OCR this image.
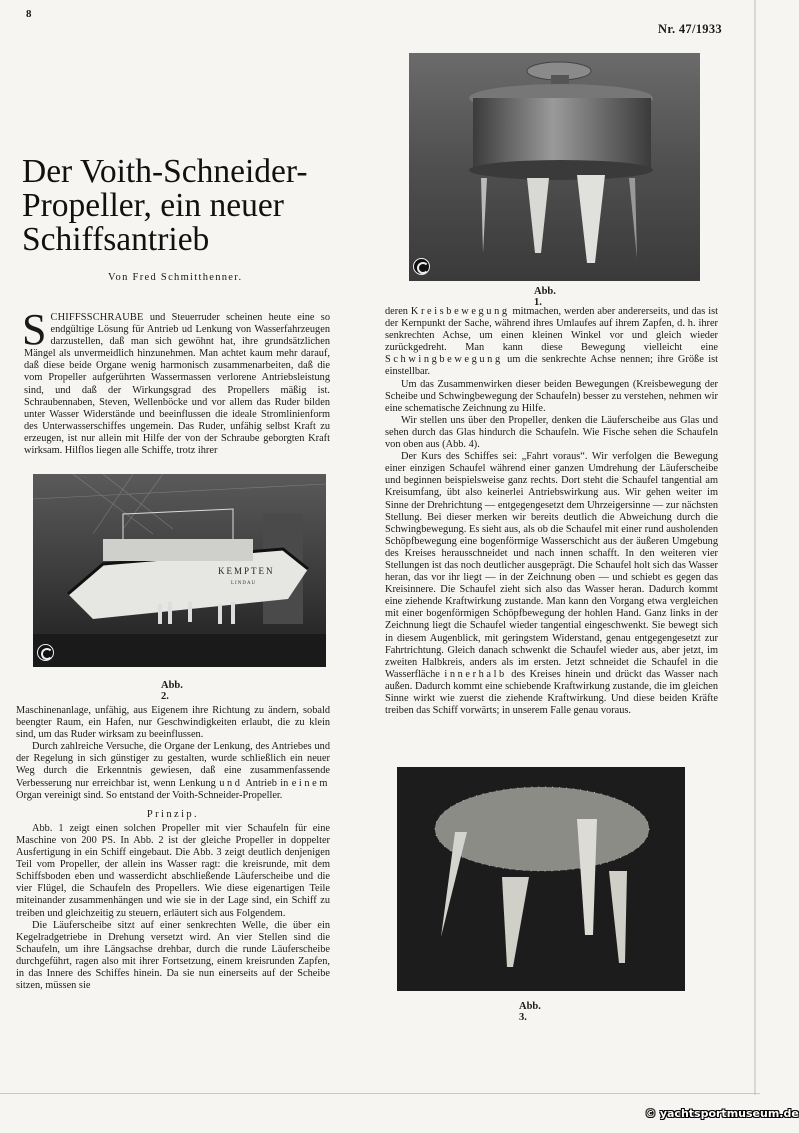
8
Nr. 47/1933
Der Voith-Schneider-Propeller, ein neuer Schiffsantrieb
Von Fred Schmitthenner.

SCHIFFSSCHRAUBE und Steuerruder scheinen heute eine so endgültige Lösung für Antrieb ud Lenkung von Wasserfahrzeugen darzustellen, daß man sich gewöhnt hat, ihre grundsätzlichen Mängel als unvermeidlich hinzunehmen. Man achtet kaum mehr darauf, daß diese beide Organe wenig harmonisch zusammenarbeiten, daß die vom Propeller aufgerührten Wassermassen verlorene Antriebsleistung sind, und daß der Wirkungsgrad des Propellers mäßig ist. Schraubennaben, Steven, Wellenböcke und vor allem das Ruder bilden unter Wasser Widerstände und beeinflussen die ideale Stromlinienform des Unterwasserschiffes ungemein. Das Ruder, unfähig selbst Kraft zu erzeugen, ist nur allein mit Hilfe der von der Schraube geborgten Kraft wirksam. Hilflos liegen alle Schiffe, trotz ihrer

KEMPTEN
LINDAU
Abb. 2.

Maschinenanlage, unfähig, aus Eigenem ihre Richtung zu ändern, sobald beengter Raum, ein Hafen, nur Geschwindigkeiten erlaubt, die zu klein sind, um das Ruder wirksam zu beeinflussen.

Durch zahlreiche Versuche, die Organe der Lenkung, des Antriebes und der Regelung in sich günstiger zu gestalten, wurde schließlich ein neuer Weg durch die Erkenntnis gewiesen, daß eine zusammenfassende Verbesserung nur erreichbar ist, wenn Lenkung und Antrieb in einem Organ vereinigt sind. So entstand der Voith-Schneider-Propeller.

Prinzip.

Abb. 1 zeigt einen solchen Propeller mit vier Schaufeln für eine Maschine von 200 PS. In Abb. 2 ist der gleiche Propeller in doppelter Ausfertigung in ein Schiff eingebaut. Die Abb. 3 zeigt deutlich denjenigen Teil vom Propeller, der allein ins Wasser ragt: die kreisrunde, mit dem Schiffsboden eben und wasserdicht abschließende Läuferscheibe und die vier Flügel, die Schaufeln des Propellers. Wie diese eigenartigen Teile miteinander zusammenhängen und wie sie in der Lage sind, ein Schiff zu treiben und gleichzeitig zu steuern, erläutert sich aus Folgendem.

Die Läuferscheibe sitzt auf einer senkrechten Welle, die über ein Kegelradgetriebe in Drehung versetzt wird. An vier Stellen sind die Schaufeln, um ihre Längsachse drehbar, durch die runde Läuferscheibe durchgeführt, ragen also mit ihrer Fortsetzung, einem kreisrunden Zapfen, in das Innere des Schiffes hinein. Da sie nun einerseits auf der Scheibe sitzen, müssen sie

Abb. 1.

deren Kreisbewegung mitmachen, werden aber andererseits, und das ist der Kernpunkt der Sache, während ihres Umlaufes auf ihrem Zapfen, d. h. ihrer senkrechten Achse, um einen kleinen Winkel vor und gleich wieder zurückgedreht. Man kann diese Bewegung vielleicht eine Schwingbewegung um die senkrechte Achse nennen; ihre Größe ist einstellbar.

Um das Zusammenwirken dieser beiden Bewegungen (Kreisbewegung der Scheibe und Schwingbewegung der Schaufeln) besser zu verstehen, nehmen wir eine schematische Zeichnung zu Hilfe.

Wir stellen uns über den Propeller, denken die Läuferscheibe aus Glas und sehen durch das Glas hindurch die Schaufeln. Wie Fische sehen die Schaufeln von oben aus (Abb. 4).

Der Kurs des Schiffes sei: „Fahrt voraus“. Wir verfolgen die Bewegung einer einzigen Schaufel während einer ganzen Umdrehung der Läuferscheibe und beginnen beispielsweise ganz rechts. Dort steht die Schaufel tangential am Kreisumfang, übt also keinerlei Antriebswirkung aus. Wir gehen weiter im Sinne der Drehrichtung — entgegengesetzt dem Uhrzeigersinne — zur nächsten Stellung. Bei dieser merken wir bereits deutlich die Abweichung durch die Schwingbewegung. Es sieht aus, als ob die Schaufel mit einer rund ausholenden Schöpfbewegung eine bogenförmige Wasserschicht aus der äußeren Umgebung des Kreises herausschneidet und nach innen schafft. In den weiteren vier Stellungen ist das noch deutlicher ausgeprägt. Die Schaufel holt sich das Wasser heran, das vor ihr liegt — in der Zeichnung oben — und schiebt es gegen das Kreisinnere. Die Schaufel zieht sich also das Wasser heran. Dadurch kommt eine ziehende Kraftwirkung zustande. Man kann den Vorgang etwa vergleichen mit einer bogenförmigen Schöpfbewegung der hohlen Hand. Ganz links in der Zeichnung liegt die Schaufel wieder tangential eingeschwenkt. Sie bewegt sich in diesem Augenblick, mit geringstem Widerstand, genau entgegengesetzt zur Fahrtrichtung. Gleich danach schwenkt die Schaufel wieder aus, aber jetzt, im zweiten Halbkreis, anders als im ersten. Jetzt schneidet die Schaufel in die Wasserfläche innerhalb des Kreises hinein und drückt das Wasser nach außen. Dadurch kommt eine schiebende Kraftwirkung zustande, die im gleichen Sinne wirkt wie zuerst die ziehende Kraftwirkung. Und diese beiden Kräfte treiben das Schiff vorwärts; in unserem Falle genau voraus.

Abb. 3.
© yachtsportmuseum.de
